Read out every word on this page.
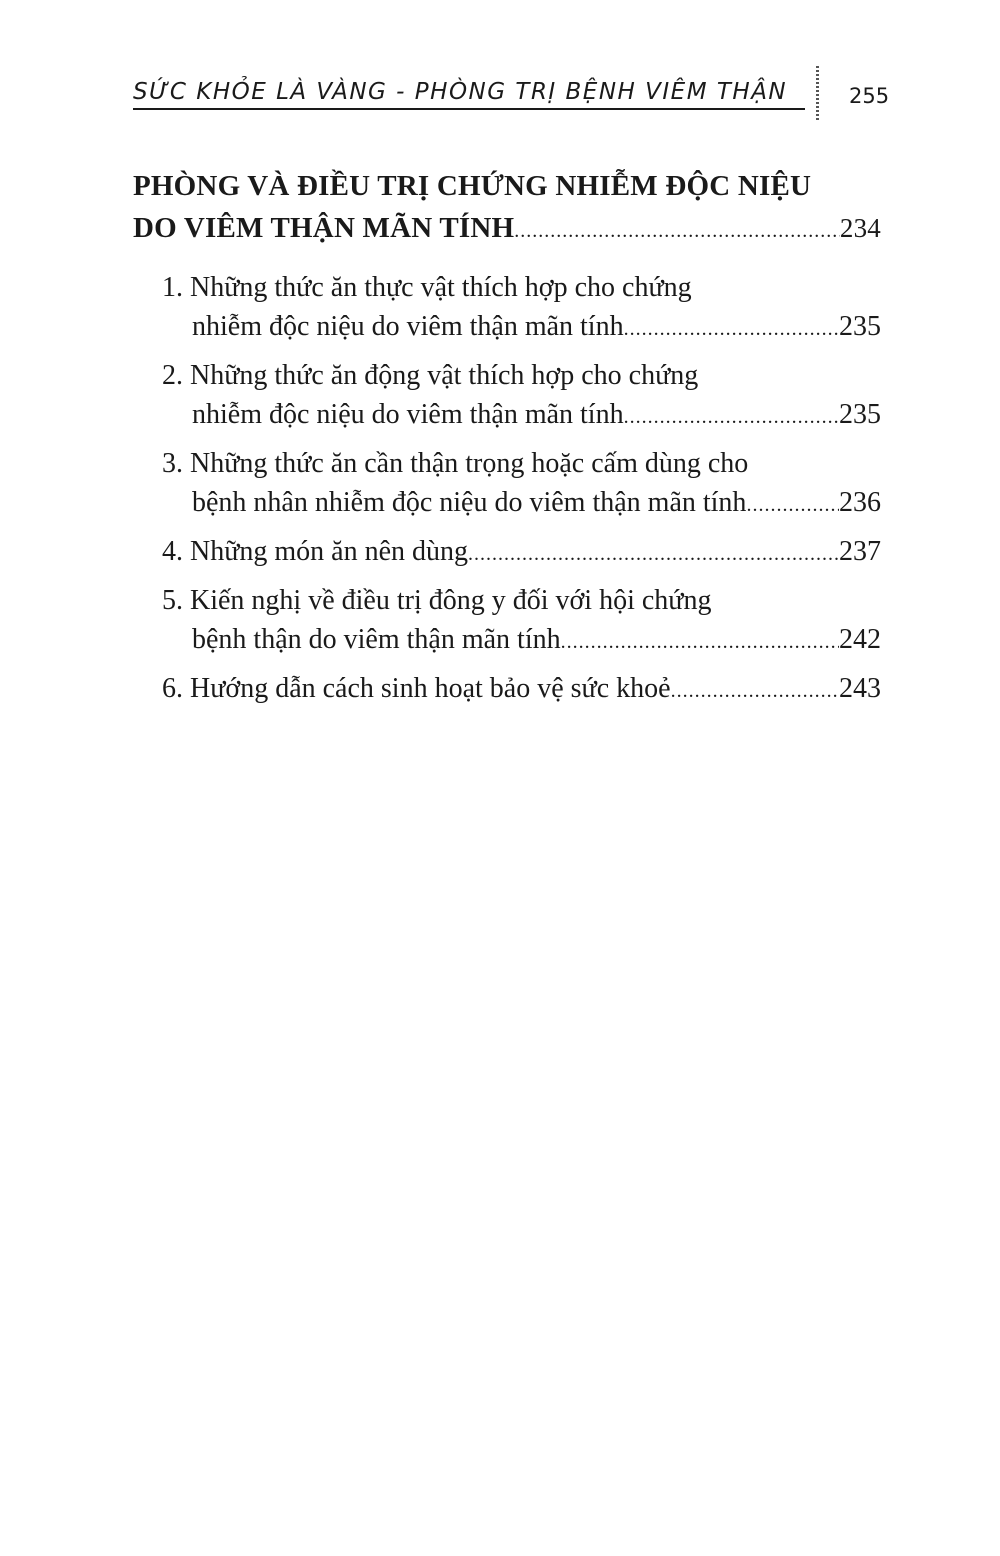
SỨC KHỎE LÀ VÀNG - PHÒNG TRỊ BỆNH VIÊM THẬN	255
PHÒNG VÀ ĐIỀU TRỊ CHỨNG NHIỄM ĐỘC NIỆU
DO VIÊM THẬN MÃN TÍNH .....	234
1. Những thức ăn thực vật thích hợp cho chứng
nhiễm độc niệu do viêm thận mãn tính .....	235
2. Những thức ăn động vật thích hợp cho chứng
nhiễm độc niệu do viêm thận mãn tính .....	235
3. Những thức ăn cần thận trọng hoặc cấm dùng cho
bệnh nhân nhiễm độc niệu do viêm thận mãn tính .....	236
4. Những món ăn nên dùng .....	237
5. Kiến nghị về điều trị đông y đối với hội chứng
bệnh thận do viêm thận mãn tính .....	242
6. Hướng dẫn cách sinh hoạt bảo vệ sức khoẻ .....	243
